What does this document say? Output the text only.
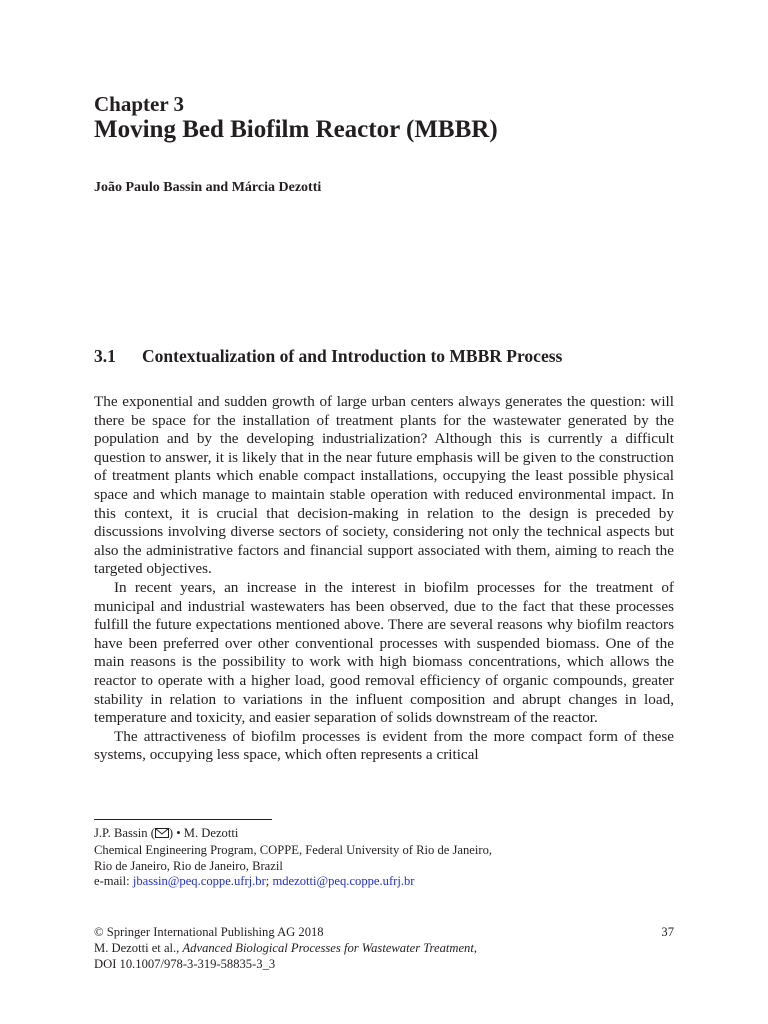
Chapter 3
Moving Bed Biofilm Reactor (MBBR)
João Paulo Bassin and Márcia Dezotti
3.1 Contextualization of and Introduction to MBBR Process

The exponential and sudden growth of large urban centers always generates the question: will there be space for the installation of treatment plants for the wastewater generated by the population and by the developing industrialization? Although this is currently a difficult question to answer, it is likely that in the near future emphasis will be given to the construction of treatment plants which enable compact installations, occupying the least possible physical space and which manage to maintain stable operation with reduced environmental impact. In this context, it is crucial that decision-making in relation to the design is preceded by discussions involving diverse sectors of society, considering not only the technical aspects but also the administrative factors and financial support associated with them, aiming to reach the targeted objectives.

In recent years, an increase in the interest in biofilm processes for the treatment of municipal and industrial wastewaters has been observed, due to the fact that these processes fulfill the future expectations mentioned above. There are several reasons why biofilm reactors have been preferred over other conventional processes with suspended biomass. One of the main reasons is the possibility to work with high biomass concentrations, which allows the reactor to operate with a higher load, good removal efficiency of organic compounds, greater stability in relation to variations in the influent composition and abrupt changes in load, temperature and toxicity, and easier separation of solids downstream of the reactor.

The attractiveness of biofilm processes is evident from the more compact form of these systems, occupying less space, which often represents a critical

J.P. Bassin ( ) • M. Dezotti
Chemical Engineering Program, COPPE, Federal University of Rio de Janeiro,
Rio de Janeiro, Rio de Janeiro, Brazil
e-mail: jbassin@peq.coppe.ufrj.br; mdezotti@peq.coppe.ufrj.br
© Springer International Publishing AG 2018
M. Dezotti et al., Advanced Biological Processes for Wastewater Treatment,
DOI 10.1007/978-3-319-58835-3_3
37
